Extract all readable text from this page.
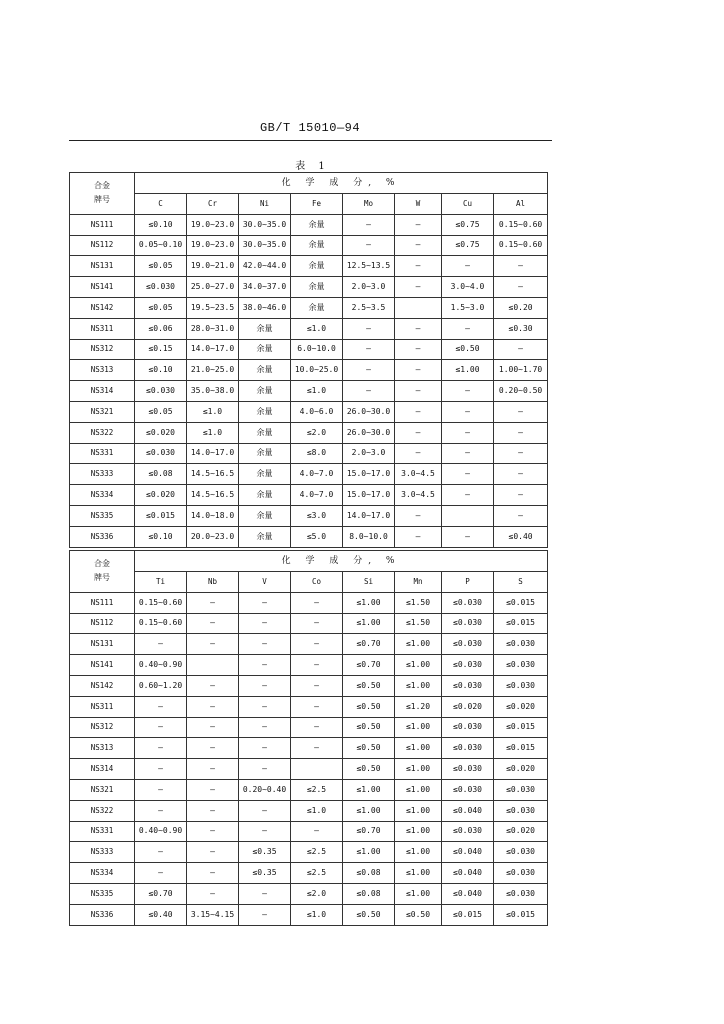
GB/T 15010—94
表 1
合金
牌号	化 学 成 分, %							
	C	Cr	Ni	Fe	Mo	W	Cu	Al
NS111	≤0.10	19.0~23.0	30.0~35.0	余量	—	—	≤0.75	0.15~0.60
NS112	0.05~0.10	19.0~23.0	30.0~35.0	余量	—	—	≤0.75	0.15~0.60
NS131	≤0.05	19.0~21.0	42.0~44.0	余量	12.5~13.5	—	—	—
NS141	≤0.030	25.0~27.0	34.0~37.0	余量	2.0~3.0	—	3.0~4.0	—
NS142	≤0.05	19.5~23.5	38.0~46.0	余量	2.5~3.5		1.5~3.0	≤0.20
NS311	≤0.06	28.0~31.0	余量	≤1.0	—	—	—	≤0.30
NS312	≤0.15	14.0~17.0	余量	6.0~10.0	—	—	≤0.50	—
NS313	≤0.10	21.0~25.0	余量	10.0~25.0	—	—	≤1.00	1.00~1.70
NS314	≤0.030	35.0~38.0	余量	≤1.0	—	—	—	0.20~0.50
NS321	≤0.05	≤1.0	余量	4.0~6.0	26.0~30.0	—	—	—
NS322	≤0.020	≤1.0	余量	≤2.0	26.0~30.0	—	—	—
NS331	≤0.030	14.0~17.0	余量	≤8.0	2.0~3.0	—	—	—
NS333	≤0.08	14.5~16.5	余量	4.0~7.0	15.0~17.0	3.0~4.5	—	—
NS334	≤0.020	14.5~16.5	余量	4.0~7.0	15.0~17.0	3.0~4.5	—	—
NS335	≤0.015	14.0~18.0	余量	≤3.0	14.0~17.0	—		—
NS336	≤0.10	20.0~23.0	余量	≤5.0	8.0~10.0	—	—	≤0.40
合金
牌号	化 学 成 分, %							
	Ti	Nb	V	Co	Si	Mn	P	S
NS111	0.15~0.60	—	—	—	≤1.00	≤1.50	≤0.030	≤0.015
NS112	0.15~0.60	—	—	—	≤1.00	≤1.50	≤0.030	≤0.015
NS131	—	—	—	—	≤0.70	≤1.00	≤0.030	≤0.030
NS141	0.40~0.90		—	—	≤0.70	≤1.00	≤0.030	≤0.030
NS142	0.60~1.20	—	—	—	≤0.50	≤1.00	≤0.030	≤0.030
NS311	—	—	—	—	≤0.50	≤1.20	≤0.020	≤0.020
NS312	—	—	—	—	≤0.50	≤1.00	≤0.030	≤0.015
NS313	—	—	—	—	≤0.50	≤1.00	≤0.030	≤0.015
NS314	—	—	—		≤0.50	≤1.00	≤0.030	≤0.020
NS321	—	—	0.20~0.40	≤2.5	≤1.00	≤1.00	≤0.030	≤0.030
NS322	—	—	—	≤1.0	≤1.00	≤1.00	≤0.040	≤0.030
NS331	0.40~0.90	—	—	—	≤0.70	≤1.00	≤0.030	≤0.020
NS333	—	—	≤0.35	≤2.5	≤1.00	≤1.00	≤0.040	≤0.030
NS334	—	—	≤0.35	≤2.5	≤0.08	≤1.00	≤0.040	≤0.030
NS335	≤0.70	—	—	≤2.0	≤0.08	≤1.00	≤0.040	≤0.030
NS336	≤0.40	3.15~4.15	—	≤1.0	≤0.50	≤0.50	≤0.015	≤0.015
